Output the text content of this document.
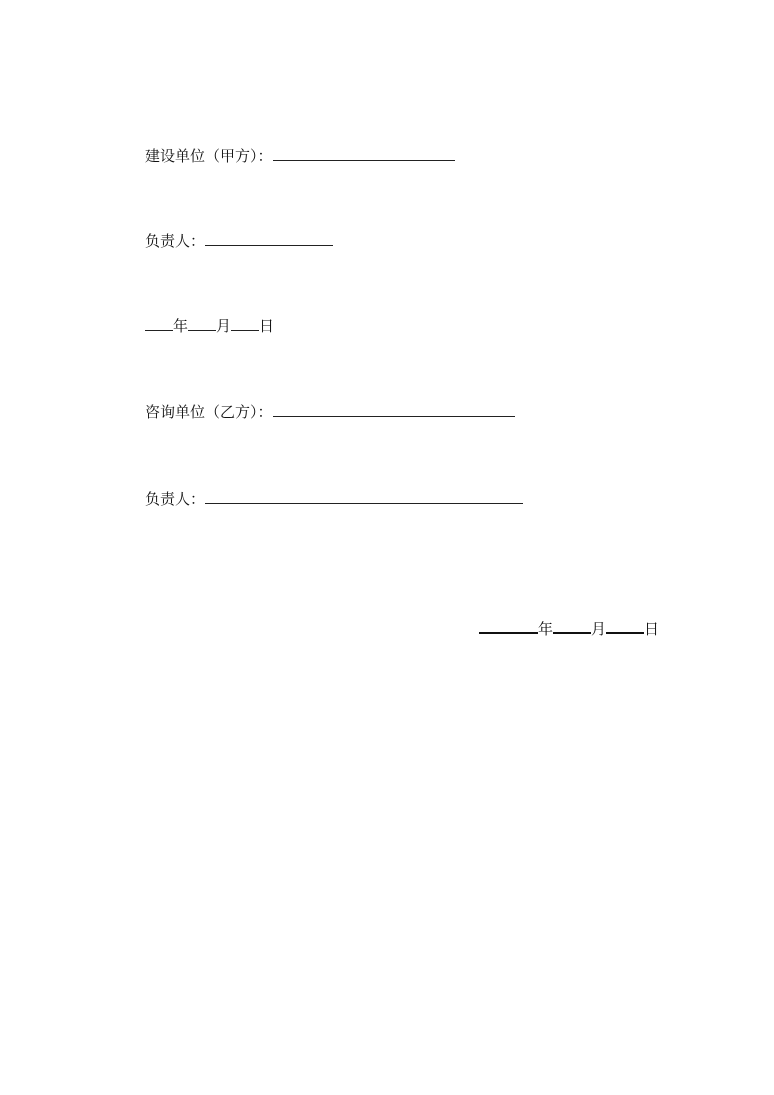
建设单位（甲方）：
负责人：
年 月 日
咨询单位（乙方）：
负责人：
年	月	日
